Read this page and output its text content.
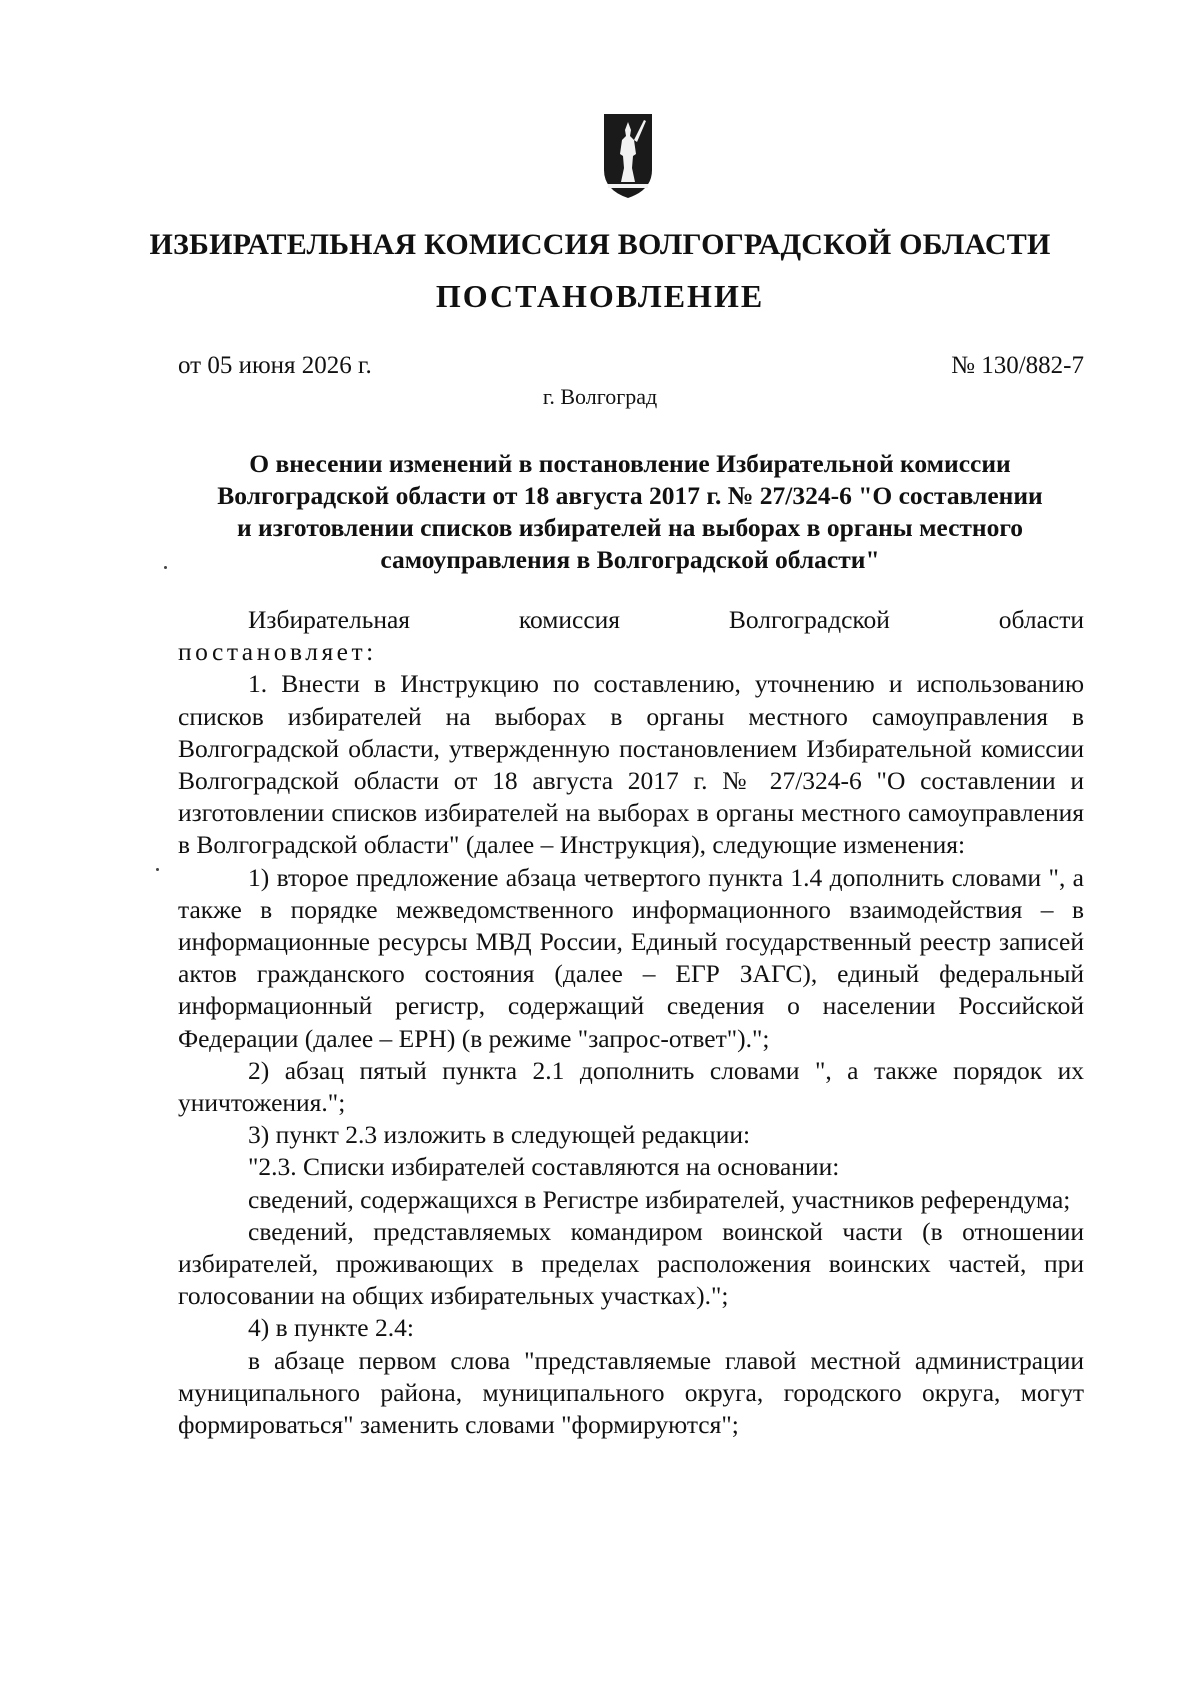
ИЗБИРАТЕЛЬНАЯ КОМИССИЯ ВОЛГОГРАДСКОЙ ОБЛАСТИ
ПОСТАНОВЛЕНИЕ
от 05 июня 2026 г.	№ 130/882-7
г. Волгоград
О внесении изменений в постановление Избирательной комиссии
Волгоградской области от 18 августа 2017 г. № 27/324-6 "О составлении
и изготовлении списков избирателей на выборах в органы местного
самоуправления в Волгоградской области"

Избирательная комиссия Волгоградской области

постановляет:

1. Внести в Инструкцию по составлению, уточнению и использованию списков избирателей на выборах в органы местного самоуправления в Волгоградской области, утвержденную постановлением Избирательной комиссии Волгоградской области от 18 августа 2017 г. № 27/324-6 "О составлении и изготовлении списков избирателей на выборах в органы местного самоуправления в Волгоградской области" (далее – Инструкция), следующие изменения:

1) второе предложение абзаца четвертого пункта 1.4 дополнить словами ", а также в порядке межведомственного информационного взаимодействия – в информационные ресурсы МВД России, Единый государственный реестр записей актов гражданского состояния (далее – ЕГР ЗАГС), единый федеральный информационный регистр, содержащий сведения о населении Российской Федерации (далее – ЕРН) (в режиме "запрос-ответ").";

2) абзац пятый пункта 2.1 дополнить словами ", а также порядок их уничтожения.";

3) пункт 2.3 изложить в следующей редакции:

"2.3. Списки избирателей составляются на основании:

сведений, содержащихся в Регистре избирателей, участников референдума;

сведений, представляемых командиром воинской части (в отношении избирателей, проживающих в пределах расположения воинских частей, при голосовании на общих избирательных участках).";

4) в пункте 2.4:

в абзаце первом слова "представляемые главой местной администрации муниципального района, муниципального округа, городского округа, могут формироваться" заменить словами "формируются";
